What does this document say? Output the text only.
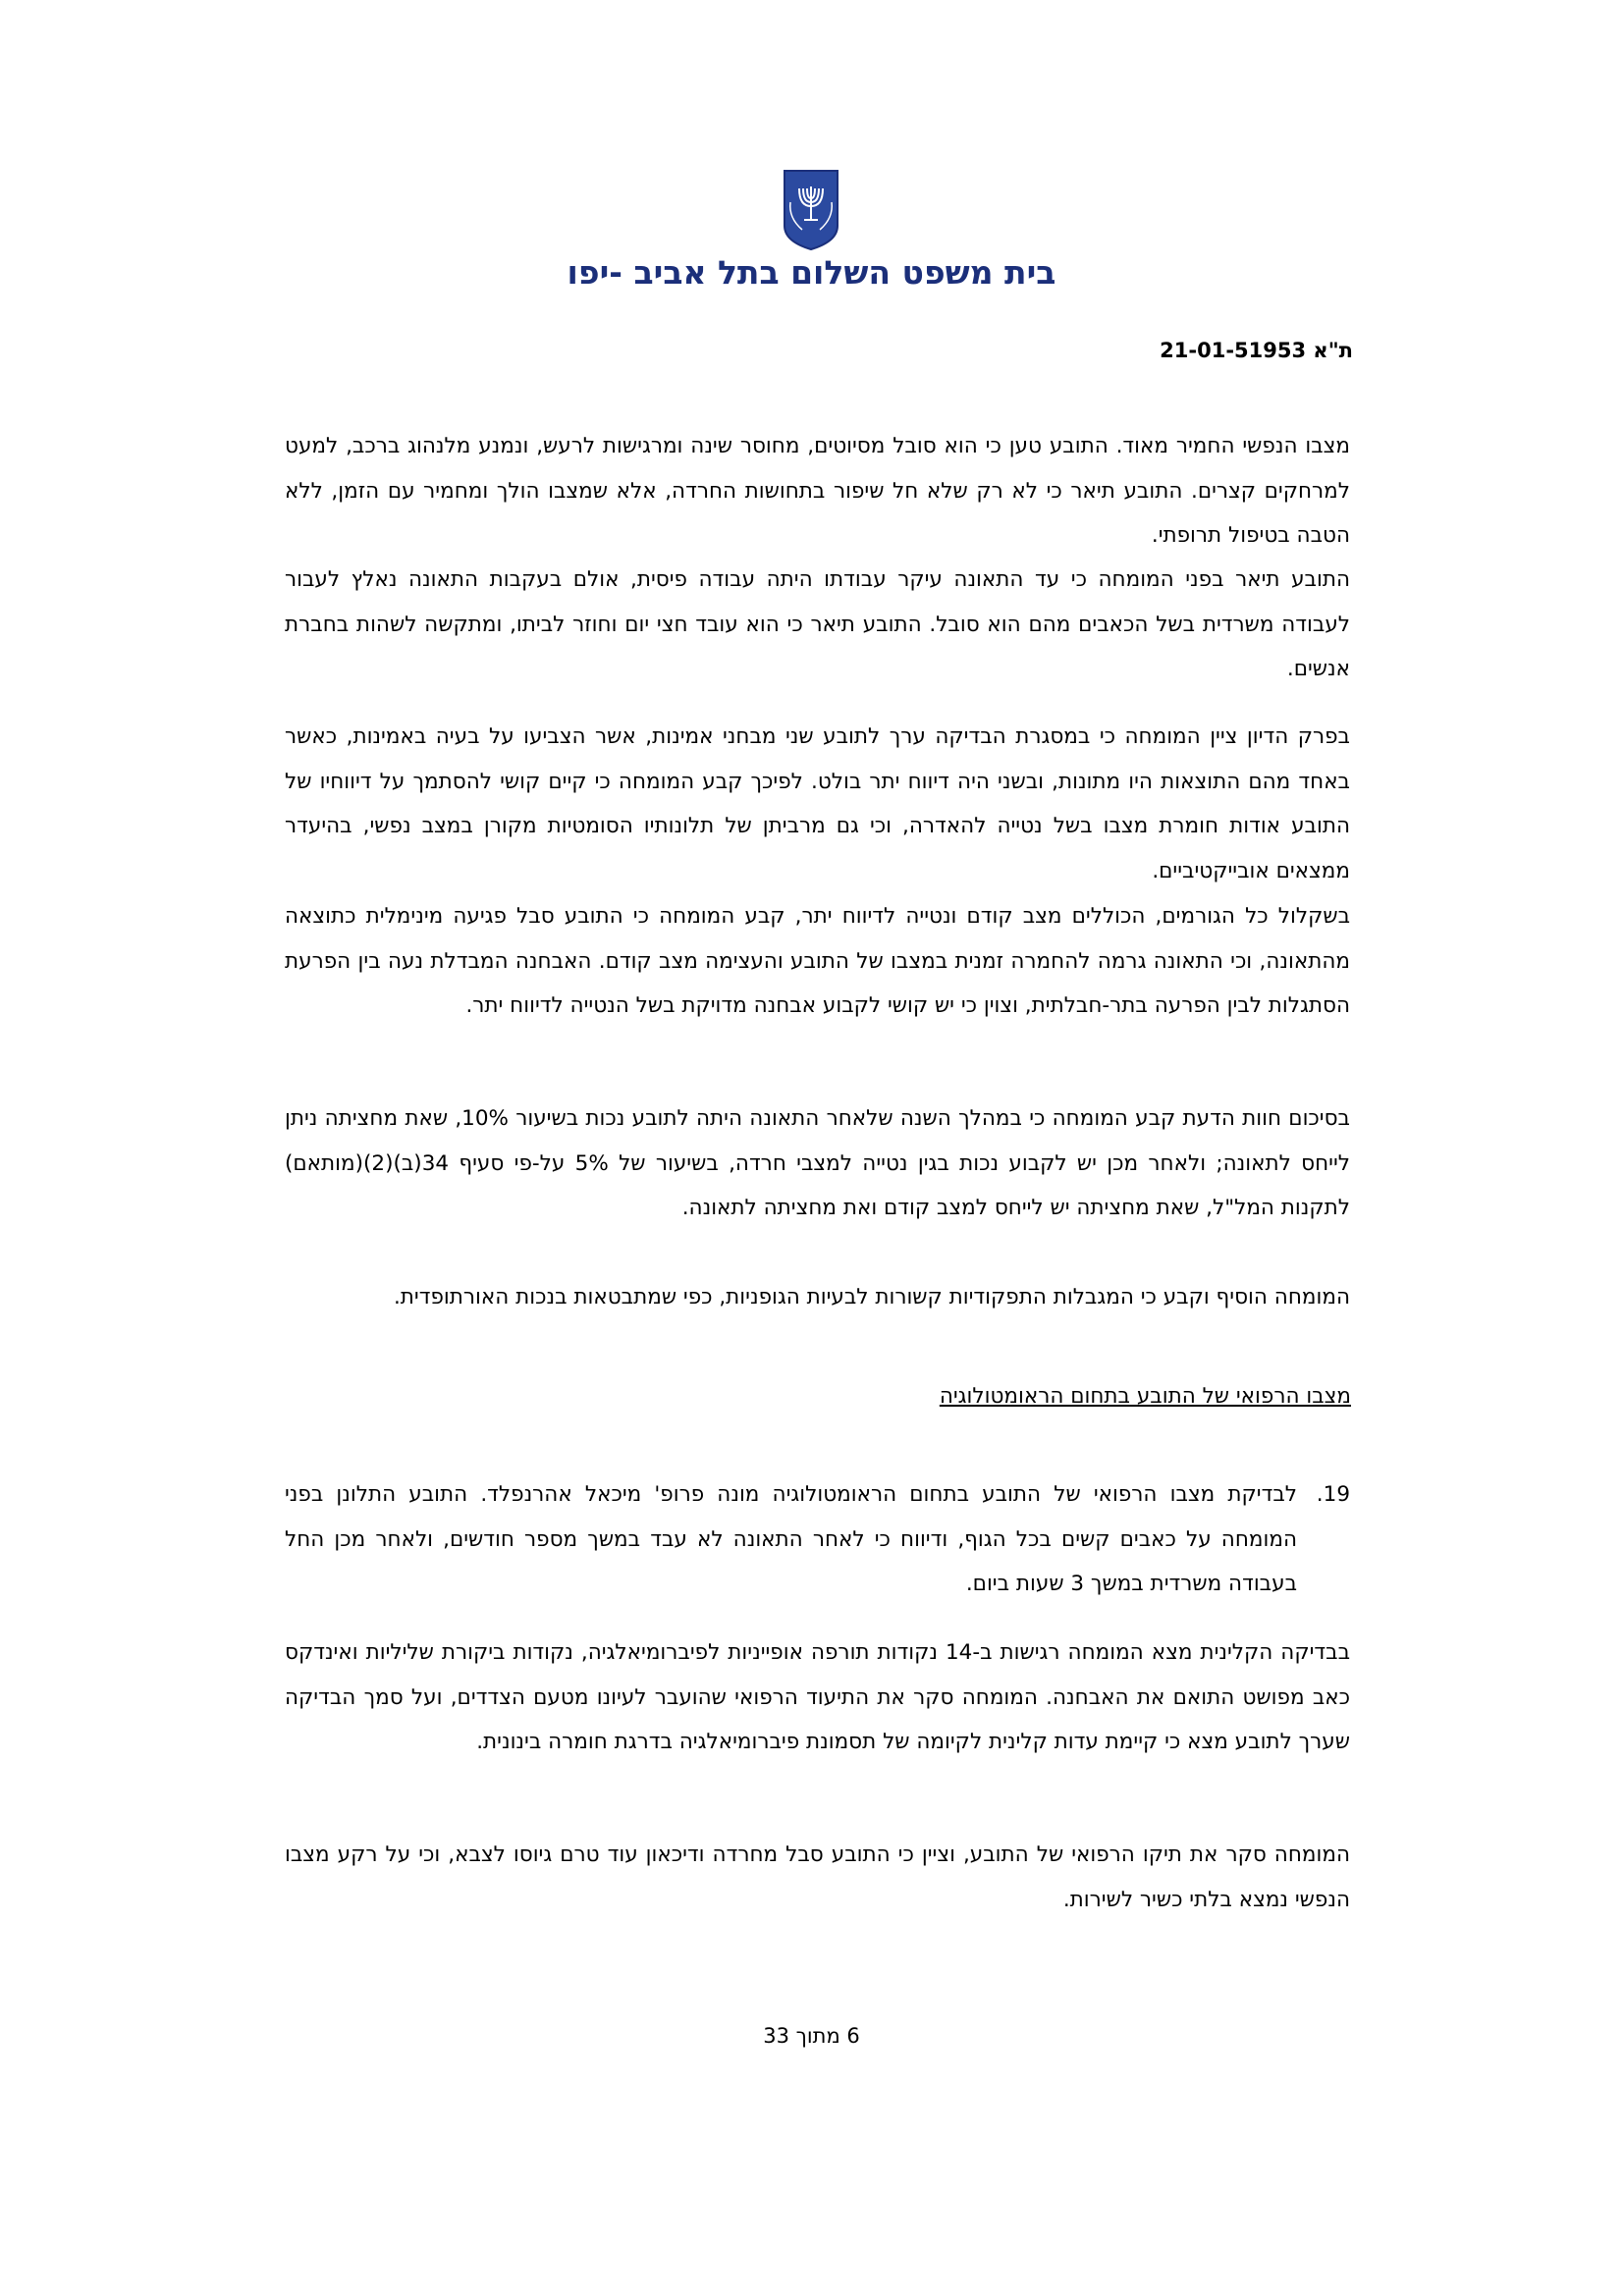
בית משפט השלום בתל אביב -יפו
ת"א 21-01-51953

מצבו הנפשי החמיר מאוד. התובע טען כי הוא סובל מסיוטים, מחוסר שינה ומרגישות לרעש, ונמנע מלנהוג ברכב, למעט למרחקים קצרים. התובע תיאר כי לא רק שלא חל שיפור בתחושות החרדה, אלא שמצבו הולך ומחמיר עם הזמן, ללא הטבה בטיפול תרופתי.

התובע תיאר בפני המומחה כי עד התאונה עיקר עבודתו היתה עבודה פיסית, אולם בעקבות התאונה נאלץ לעבור לעבודה משרדית בשל הכאבים מהם הוא סובל. התובע תיאר כי הוא עובד חצי יום וחוזר לביתו, ומתקשה לשהות בחברת אנשים.

בפרק הדיון ציין המומחה כי במסגרת הבדיקה ערך לתובע שני מבחני אמינות, אשר הצביעו על בעיה באמינות, כאשר באחד מהם התוצאות היו מתונות, ובשני היה דיווח יתר בולט. לפיכך קבע המומחה כי קיים קושי להסתמך על דיווחיו של התובע אודות חומרת מצבו בשל נטייה להאדרה, וכי גם מרביתן של תלונותיו הסומטיות מקורן במצב נפשי, בהיעדר ממצאים אובייקטיביים.

בשקלול כל הגורמים, הכוללים מצב קודם ונטייה לדיווח יתר, קבע המומחה כי התובע סבל פגיעה מינימלית כתוצאה מהתאונה, וכי התאונה גרמה להחמרה זמנית במצבו של התובע והעצימה מצב קודם. האבחנה המבדלת נעה בין הפרעת הסתגלות לבין הפרעה בתר-חבלתית, וצוין כי יש קושי לקבוע אבחנה מדויקת בשל הנטייה לדיווח יתר.

בסיכום חוות הדעת קבע המומחה כי במהלך השנה שלאחר התאונה היתה לתובע נכות בשיעור 10%, שאת מחציתה ניתן לייחס לתאונה; ולאחר מכן יש לקבוע נכות בגין נטייה למצבי חרדה, בשיעור של 5% על-פי סעיף 34(ב)(2)(מותאם) לתקנות המל"ל, שאת מחציתה יש לייחס למצב קודם ואת מחציתה לתאונה.

המומחה הוסיף וקבע כי המגבלות התפקודיות קשורות לבעיות הגופניות, כפי שמתבטאות בנכות האורתופדית.

מצבו הרפואי של התובע בתחום הראומטולוגיה

19.

לבדיקת מצבו הרפואי של התובע בתחום הראומטולוגיה מונה פרופ' מיכאל אהרנפלד. התובע התלונן בפני המומחה על כאבים קשים בכל הגוף, ודיווח כי לאחר התאונה לא עבד במשך מספר חודשים, ולאחר מכן החל בעבודה משרדית במשך 3 שעות ביום.

בבדיקה הקלינית מצא המומחה רגישות ב-14 נקודות תורפה אופייניות לפיברומיאלגיה, נקודות ביקורת שליליות ואינדקס כאב מפושט התואם את האבחנה. המומחה סקר את התיעוד הרפואי שהועבר לעיונו מטעם הצדדים, ועל סמך הבדיקה שערך לתובע מצא כי קיימת עדות קלינית לקיומה של תסמונת פיברומיאלגיה בדרגת חומרה בינונית.

המומחה סקר את תיקו הרפואי של התובע, וציין כי התובע סבל מחרדה ודיכאון עוד טרם גיוסו לצבא, וכי על רקע מצבו הנפשי נמצא בלתי כשיר לשירות.

6 מתוך 33
